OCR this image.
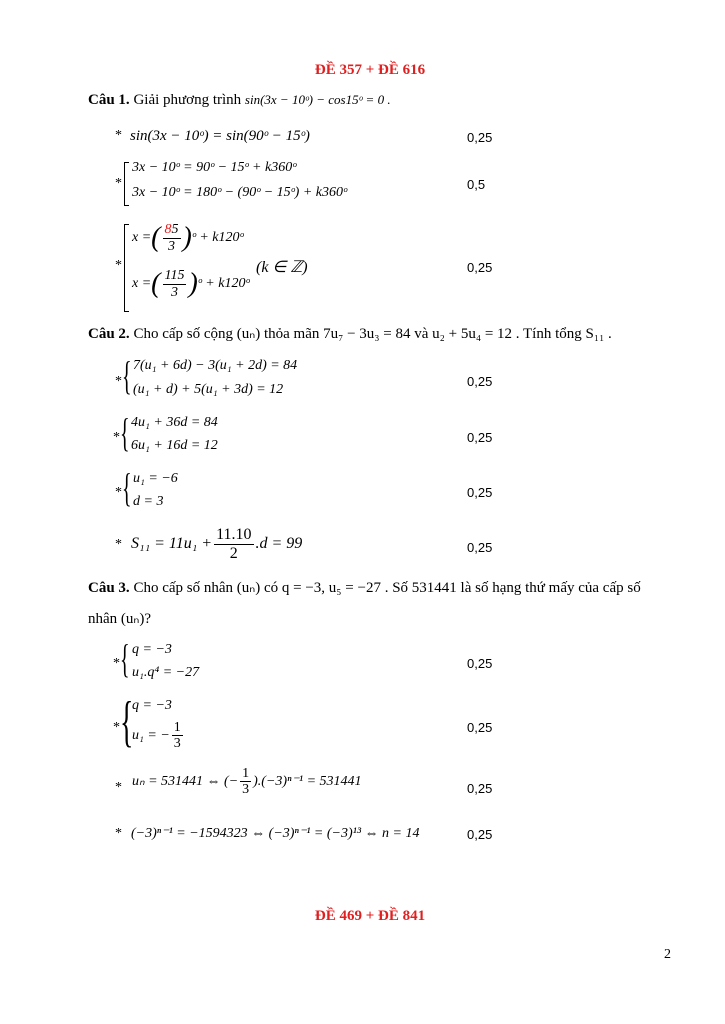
ĐỀ 357 + ĐỀ 616
Câu 1. Giải phương trình sin(3x − 10ᵒ) − cos15ᵒ = 0 .
* sin(3x − 10ᵒ) = sin(90ᵒ − 15ᵒ)	0,25
*
3x − 10ᵒ = 90ᵒ − 15ᵒ + k360ᵒ
3x − 10ᵒ = 180ᵒ − (90ᵒ − 15ᵒ) + k360ᵒ
0,5
*
x =( $\frac{85}{3}$ )ᵒ + k120ᵒ
x =( $\frac{115}{3}$ )ᵒ + k120ᵒ
(k ∈ ℤ)	0,25
Câu 2. Cho cấp số cộng (uₙ) thỏa mãn 7u₇ − 3u₃ = 84 và u₂ + 5u₄ = 12 . Tính tổng S₁₁ .
* { 7(u₁ + 6d) − 3(u₁ + 2d) = 84
(u₁ + d) + 5(u₁ + 3d) = 12
0,25
* { 4u₁ + 36d = 84
6u₁ + 16d = 12
0,25
* { u₁ = −6
d = 3
0,25
* $S_{11} = 11u_1 + \frac{11.10}{2} .d = 99$	0,25
Câu 3. Cho cấp số nhân (uₙ) có q = −3, u₅ = −27 . Số 531441 là số hạng thứ mấy của cấp số
nhân (uₙ)?
* { q = −3
u₁.q⁴ = −27
0,25
* {
q = −3
u₁ = − $\frac{1}{3}$	0,25
* uₙ = 531441 ⇔ (− $\frac{1}{3} ).(-3)^{n-1} = 531441$	0,25
* (−3)ⁿ⁻¹ = −1594323 ⇔ (−3)ⁿ⁻¹ = (−3)¹³ ⇔ n = 14	0,25
ĐỀ 469 + ĐỀ 841
2
